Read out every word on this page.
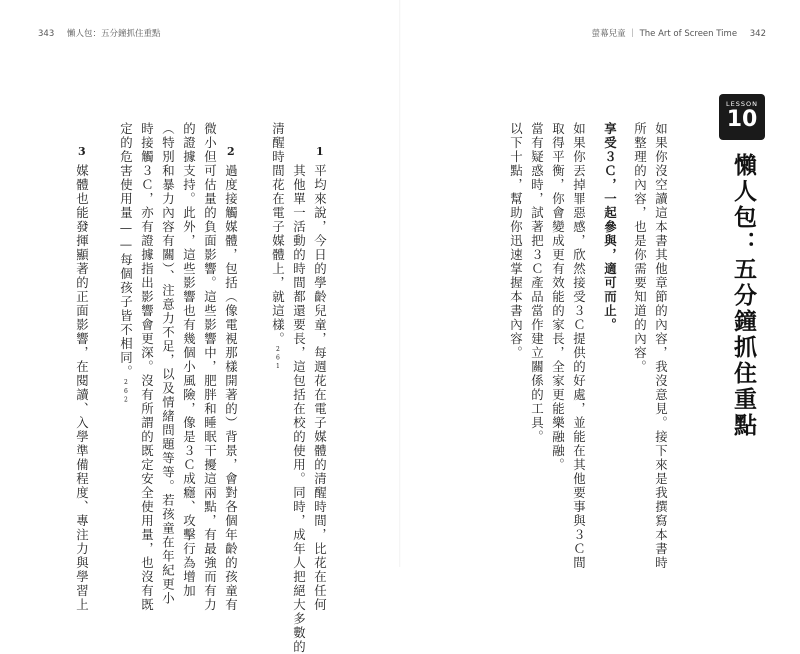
343 懶人包：五分鐘抓住重點	螢幕兒童 ｜ The Art of Screen Time 342
LESSON
10
懶人包：五分鐘抓住重點
如果你沒空讀這本書其他章節的內容，我沒意見。接下來是我撰寫本書時
所整理的內容，也是你需要知道的內容。
享受３Ｃ，一起參與，適可而止。
如果你丟掉罪惡感，欣然接受３Ｃ提供的好處，並能在其他要事與３Ｃ間
取得平衡，你會變成更有效能的家長，全家更能樂融融。
當有疑惑時，試著把３Ｃ產品當作建立關係的工具。
以下十點，幫助你迅速掌握本書內容。
1
平均來說，今日的學齡兒童，每週花在電子媒體的清醒時間，比花在任何
其他單一活動的時間都還要長，這包括在校的使用。同時，成年人把絕大多數的
清醒時間花在電子媒體上，就這樣。261
2
過度接觸媒體，包括（像電視那樣開著的）背景，會對各個年齡的孩童有
微小但可估量的負面影響。這些影響中，肥胖和睡眠干擾這兩點，有最強而有力
的證據支持。此外，這些影響也有幾個小風險，像是３Ｃ成癮、攻擊行為增加
（特別和暴力內容有關）、注意力不足，以及情緒問題等等。若孩童在年紀更小
時接觸３Ｃ，亦有證據指出影響會更深。沒有所謂的既定安全使用量，也沒有既
定的危害使用量——每個孩子皆不相同。262
3
媒體也能發揮顯著的正面影響，在閱讀、入學準備程度、專注力與學習上
